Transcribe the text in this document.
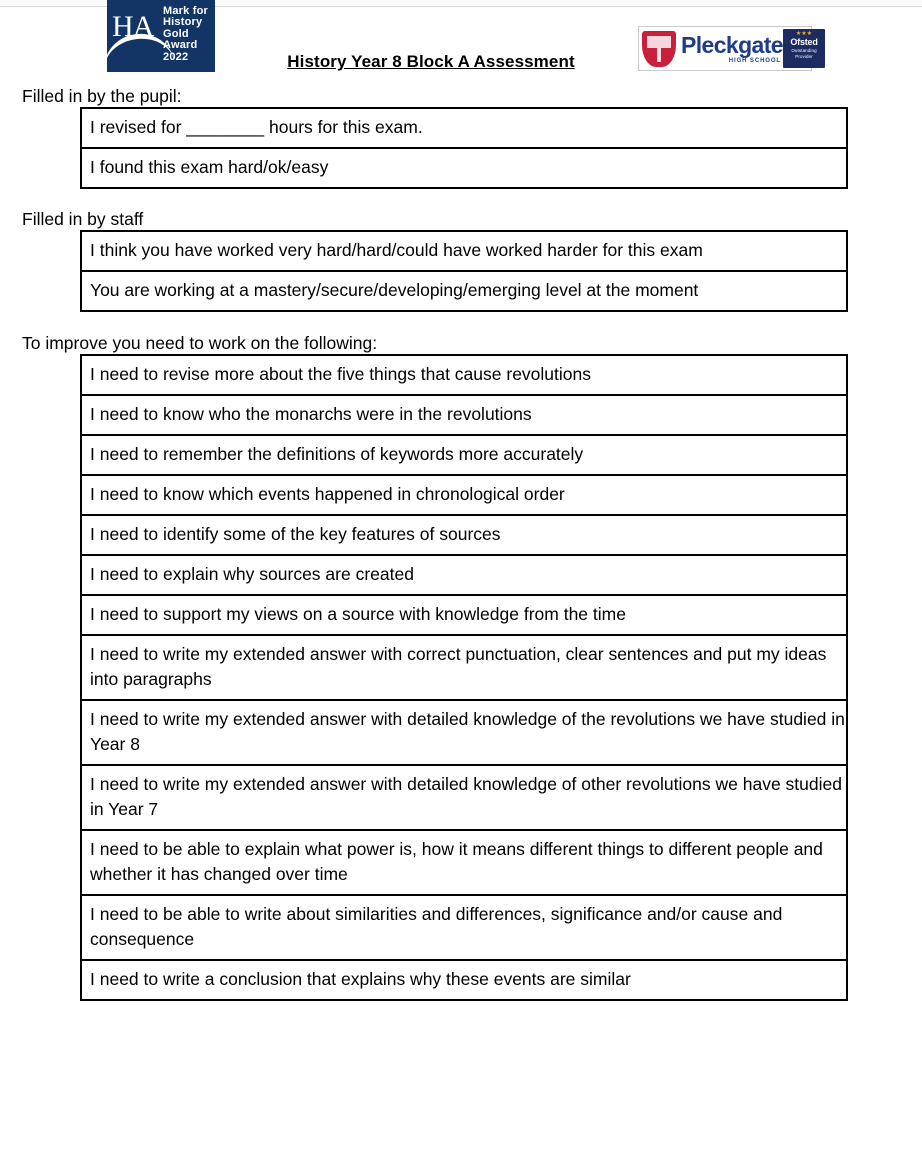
HA Mark for
History
Gold
Award
2022	History Year 8 Block A Assessment
Pleckgate
HIGH SCHOOL
★★★
Ofsted
Outstanding
Provider
Filled in by the pupil:
I revised for ________ hours for this exam.
I found this exam hard/ok/easy
Filled in by staff
I think you have worked very hard/hard/could have worked harder for this exam
You are working at a mastery/secure/developing/emerging level at the moment
To improve you need to work on the following:
I need to revise more about the five things that cause revolutions
I need to know who the monarchs were in the revolutions
I need to remember the definitions of keywords more accurately
I need to know which events happened in chronological order
I need to identify some of the key features of sources
I need to explain why sources are created
I need to support my views on a source with knowledge from the time
I need to write my extended answer with correct punctuation, clear sentences and put my ideas into paragraphs
I need to write my extended answer with detailed knowledge of the revolutions we have studied in Year 8
I need to write my extended answer with detailed knowledge of other revolutions we have studied in Year 7
I need to be able to explain what power is, how it means different things to different people and whether it has changed over time
I need to be able to write about similarities and differences, significance and/or cause and consequence
I need to write a conclusion that explains why these events are similar
